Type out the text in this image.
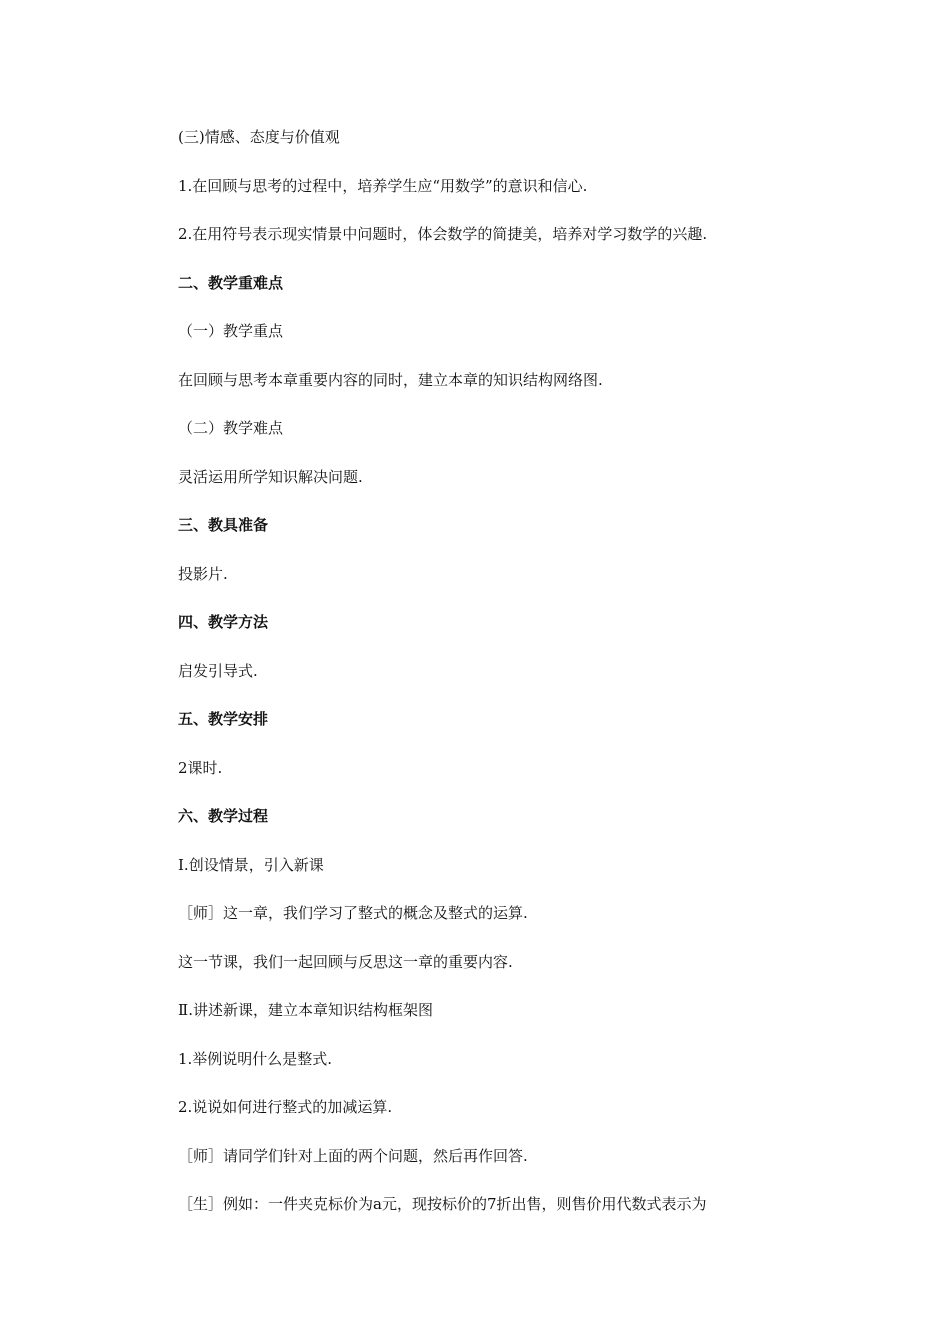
(三)情感、态度与价值观
1.在回顾与思考的过程中，培养学生应“用数学”的意识和信心.
2.在用符号表示现实情景中问题时，体会数学的简捷美，培养对学习数学的兴趣.
二、教学重难点
（一）教学重点
在回顾与思考本章重要内容的同时，建立本章的知识结构网络图.
（二）教学难点
灵活运用所学知识解决问题.
三、教具准备
投影片.
四、教学方法
启发引导式.
五、教学安排
2课时.
六、教学过程
Ⅰ.创设情景，引入新课
［师］这一章，我们学习了整式的概念及整式的运算.
这一节课，我们一起回顾与反思这一章的重要内容.
Ⅱ.讲述新课，建立本章知识结构框架图
1.举例说明什么是整式.
2.说说如何进行整式的加减运算.
［师］请同学们针对上面的两个问题，然后再作回答.
［生］例如：一件夹克标价为a元，现按标价的7折出售，则售价用代数式表示为
